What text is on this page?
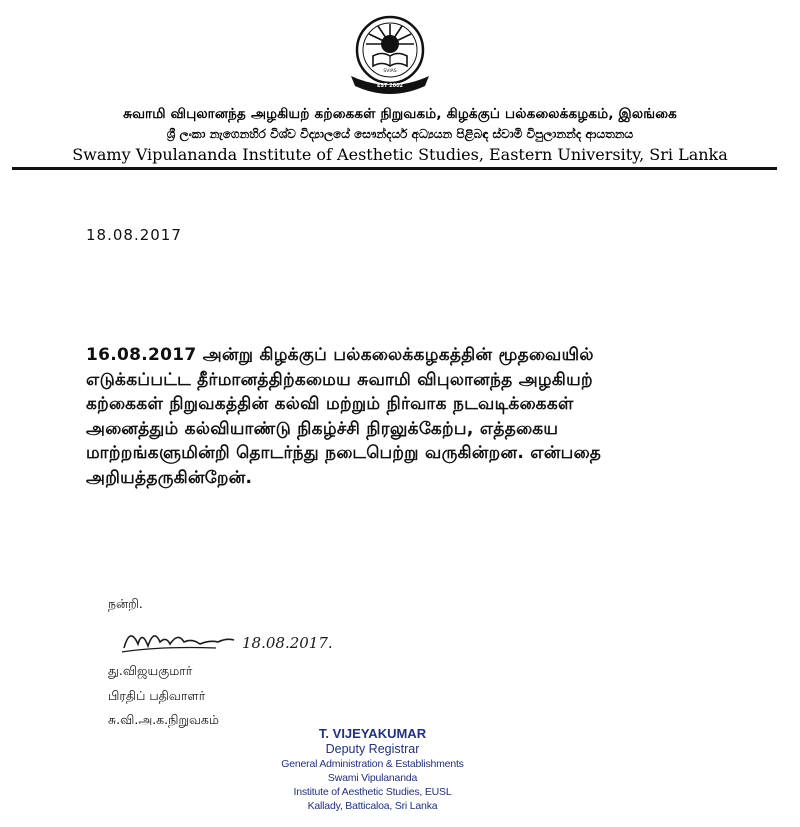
EST 2002
SVIAS
சுவாமி விபுலானந்த அழகியற் கற்கைகள் நிறுவகம், கிழக்குப் பல்கலைக்கழகம், இலங்கை
ශ්‍රී ලංකා නැගෙනහිර විශ්ව විද්‍යාලයේ සෞන්දර්ය අධ්‍යයන පිළිබඳ ස්වාමි විපුලානන්ද ආයතනය
Swamy Vipulananda Institute of Aesthetic Studies, Eastern University, Sri Lanka
18.08.2017
16.08.2017 அன்று கிழக்குப் பல்கலைக்கழகத்தின் மூதவையில்
எடுக்கப்பட்ட தீர்மானத்திற்கமைய சுவாமி விபுலானந்த அழகியற்
கற்கைகள் நிறுவகத்தின் கல்வி மற்றும் நிர்வாக நடவடிக்கைகள்
அனைத்தும் கல்வியாண்டு நிகழ்ச்சி நிரலுக்கேற்ப, எத்தகைய
மாற்றங்களுமின்றி தொடர்ந்து நடைபெற்று வருகின்றன. என்பதை
அறியத்தருகின்றேன்.
நன்றி.
18.08.2017.
து.விஜயகுமார்
பிரதிப் பதிவாளர்
சு.வி.அ.க.நிறுவகம்
T. VIJEYAKUMAR
Deputy Registrar
General Administration & Establishments
Swami Vipulananda
Institute of Aesthetic Studies, EUSL
Kallady, Batticaloa, Sri Lanka
